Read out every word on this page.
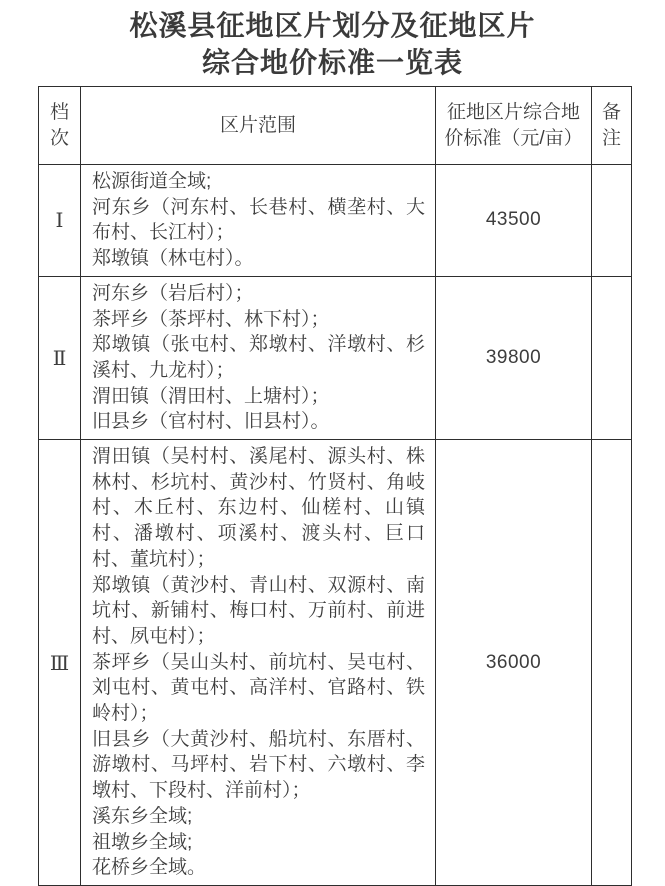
松溪县征地区片划分及征地区片
综合地价标准一览表
档次	区片范围	征地区片综合地价标准（元/亩）	备注
Ⅰ	松源街道全域;
河东乡（河东村、长巷村、横垄村、大布村、长江村）；
郑墩镇（林屯村）。	43500	
Ⅱ	河东乡（岩后村）；
茶坪乡（茶坪村、林下村）；
郑墩镇（张屯村、郑墩村、洋墩村、杉溪村、九龙村）；
渭田镇（渭田村、上塘村）；
旧县乡（官村村、旧县村）。	39800	
Ⅲ	
渭田镇（吴村村、溪尾村、源头村、株林村、杉坑村、黄沙村、竹贤村、角岐村、木丘村、东边村、仙槎村、山镇村、潘墩村、项溪村、渡头村、巨口村、董坑村）；
郑墩镇（黄沙村、青山村、双源村、南坑村、新铺村、梅口村、万前村、前进村、夙屯村）；
茶坪乡（吴山头村、前坑村、吴屯村、刘屯村、黄屯村、高洋村、官路村、铁岭村）；
旧县乡（大黄沙村、船坑村、东厝村、游墩村、马坪村、岩下村、六墩村、李墩村、下段村、洋前村）；
溪东乡全域;
祖墩乡全域;
花桥乡全域。
	36000	
